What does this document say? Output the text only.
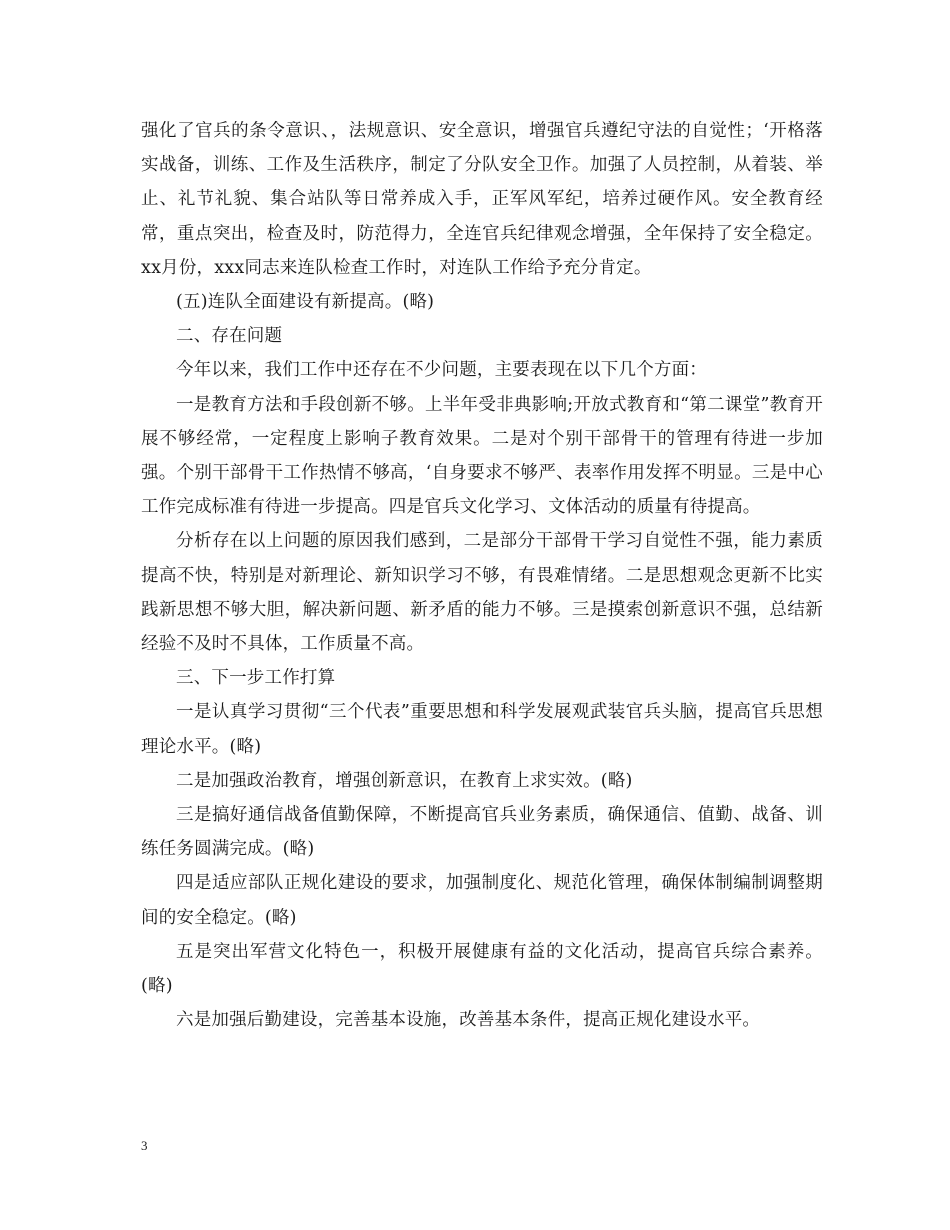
强化了官兵的条令意识、，法规意识、安全意识，增强官兵遵纪守法的自觉性；‘开格落实战备，训练、工作及生活秩序，制定了分队安全卫作。加强了人员控制，从着装、举止、礼节礼貌、集合站队等日常养成入手，正军风军纪，培养过硬作风。安全教育经常，重点突出，检查及时，防范得力，全连官兵纪律观念增强，全年保持了安全稳定。xx月份，xxx同志来连队检查工作时，对连队工作给予充分肯定。

(五)连队全面建设有新提高。(略)

二、存在问题

今年以来，我们工作中还存在不少问题，主要表现在以下几个方面：

一是教育方法和手段创新不够。上半年受非典影响;开放式教育和“第二课堂”教育开展不够经常，一定程度上影响子教育效果。二是对个别干部骨干的管理有待进一步加强。个别干部骨干工作热情不够高，‘自身要求不够严、表率作用发挥不明显。三是中心工作完成标准有待进一步提高。四是官兵文化学习、文体活动的质量有待提高。

分析存在以上问题的原因我们感到，二是部分干部骨干学习自觉性不强，能力素质提高不快，特别是对新理论、新知识学习不够，有畏难情绪。二是思想观念更新不比实践新思想不够大胆，解决新问题、新矛盾的能力不够。三是摸索创新意识不强，总结新经验不及时不具体，工作质量不高。

三、下一步工作打算

一是认真学习贯彻“三个代表”重要思想和科学发展观武装官兵头脑，提高官兵思想理论水平。(略)

二是加强政治教育，增强创新意识，在教育上求实效。(略)

三是搞好通信战备值勤保障，不断提高官兵业务素质，确保通信、值勤、战备、训练任务圆满完成。(略)

四是适应部队正规化建设的要求，加强制度化、规范化管理，确保体制编制调整期间的安全稳定。(略)

五是突出军营文化特色一，积极开展健康有益的文化活动，提高官兵综合素养。(略)

六是加强后勤建设，完善基本设施，改善基本条件，提高正规化建设水平。

3
